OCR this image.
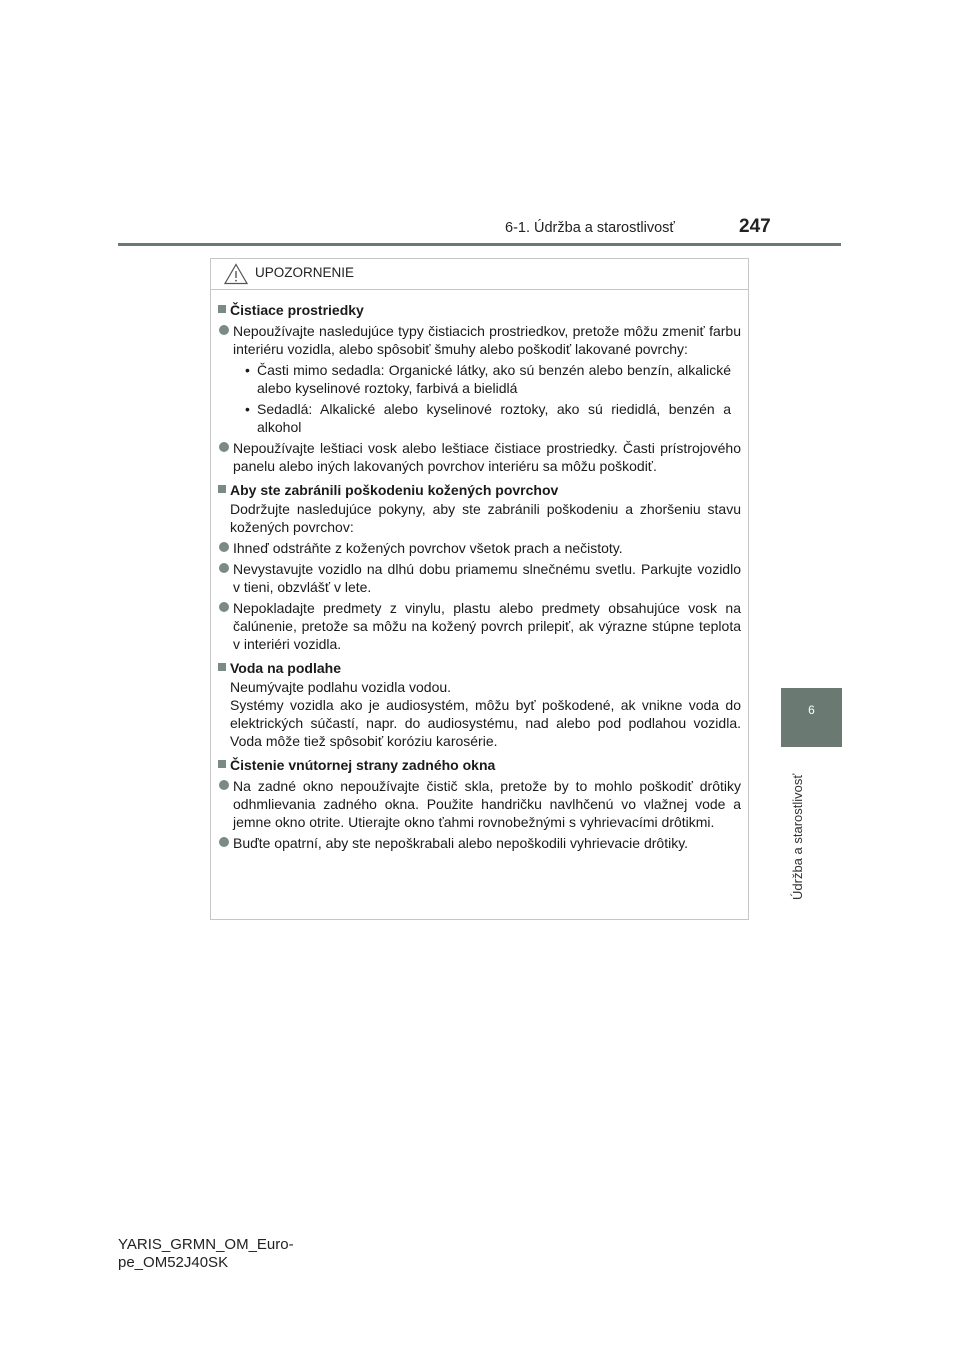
6-1. Údržba a starostlivosť	247
6
Údržba a starostlivosť
UPOZORNENIE
Čistiace prostriedky
Nepoužívajte nasledujúce typy čistiacich prostriedkov, pretože môžu zmeniť farbu interiéru vozidla, alebo spôsobiť šmuhy alebo poškodiť lakované povrchy:
• Časti mimo sedadla: Organické látky, ako sú benzén alebo benzín, alkalické alebo kyselinové roztoky, farbivá a bielidlá
• Sedadlá: Alkalické alebo kyselinové roztoky, ako sú riedidlá, benzén a alkohol
Nepoužívajte leštiaci vosk alebo leštiace čistiace prostriedky. Časti prístrojového panelu alebo iných lakovaných povrchov interiéru sa môžu poškodiť.
Aby ste zabránili poškodeniu kožených povrchov
Dodržujte nasledujúce pokyny, aby ste zabránili poškodeniu a zhoršeniu stavu kožených povrchov:
Ihneď odstráňte z kožených povrchov všetok prach a nečistoty.
Nevystavujte vozidlo na dlhú dobu priamemu slnečnému svetlu. Parkujte vozidlo v tieni, obzvlášť v lete.
Nepokladajte predmety z vinylu, plastu alebo predmety obsahujúce vosk na čalúnenie, pretože sa môžu na kožený povrch prilepiť, ak výrazne stúpne teplota v interiéri vozidla.
Voda na podlahe
Neumývajte podlahu vozidla vodou.
Systémy vozidla ako je audiosystém, môžu byť poškodené, ak vnikne voda do elektrických súčastí, napr. do audiosystému, nad alebo pod podlahou vozidla. Voda môže tiež spôsobiť koróziu karosérie.
Čistenie vnútornej strany zadného okna
Na zadné okno nepoužívajte čistič skla, pretože by to mohlo poškodiť drôtiky odhmlievania zadného okna. Použite handričku navlhčenú vo vlažnej vode a jemne okno otrite. Utierajte okno ťahmi rovnobežnými s vyhrievacími drôtikmi.
Buďte opatrní, aby ste nepoškrabali alebo nepoškodili vyhrievacie drôtiky.
YARIS_GRMN_OM_Euro-
pe_OM52J40SK
